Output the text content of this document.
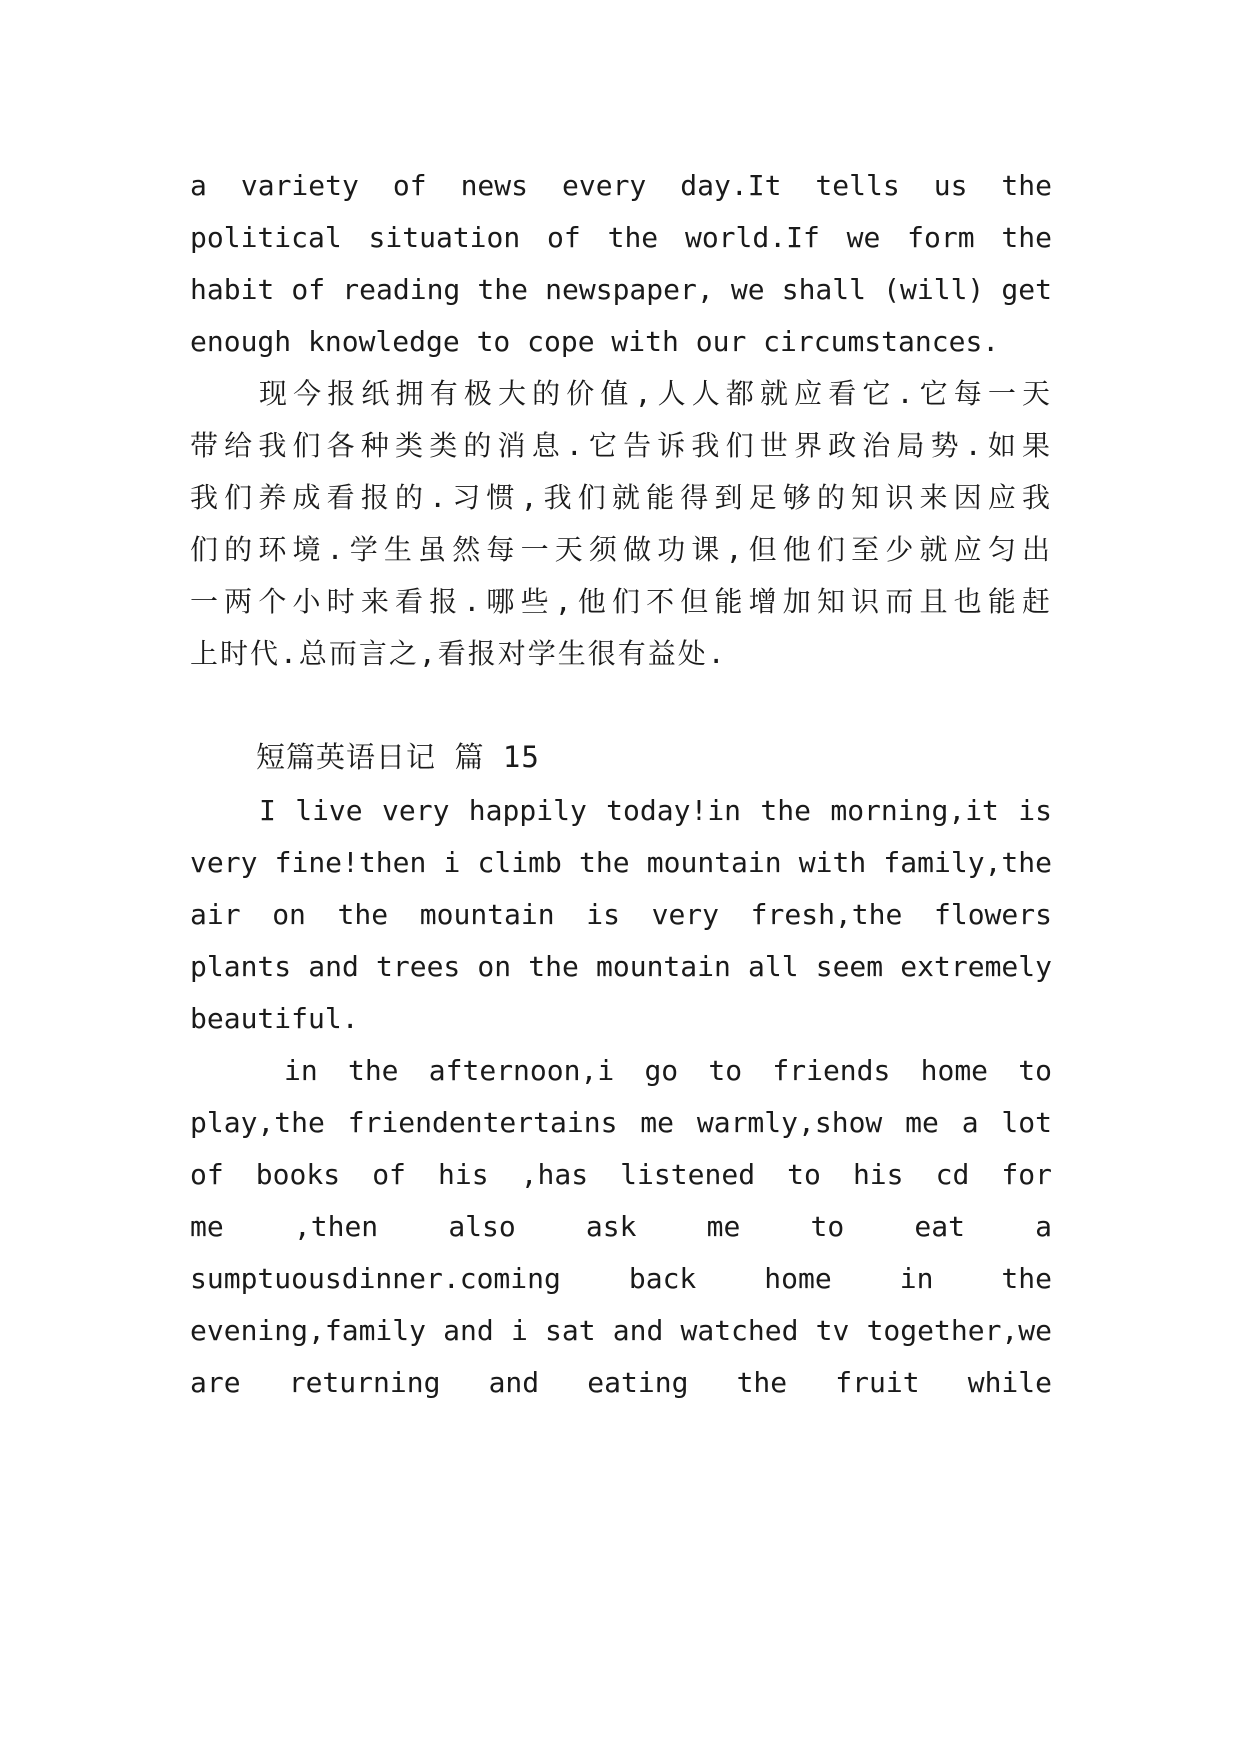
a variety of news every day.It tells us the
political situation of the world.If we form the
habit of reading the newspaper, we shall (will) get
enough knowledge to cope with our circumstances.
现今报纸拥有极大的价值,人人都就应看它.它每一天
带给我们各种类类的消息.它告诉我们世界政治局势.如果
我们养成看报的.习惯,我们就能得到足够的知识来因应我
们的环境.学生虽然每一天须做功课,但他们至少就应匀出
一两个小时来看报.哪些,他们不但能增加知识而且也能赶
上时代.总而言之,看报对学生很有益处.
短篇英语日记 篇 15
I live very happily today!in the morning,it is
very fine!then i climb the mountain with family,the
air on the mountain is very fresh,the flowers
plants and trees on the mountain all seem extremely
beautiful.
in the afternoon,i go to friends home to
play,the friendentertains me warmly,show me a lot
of books of his ,has listened to his cd for
me ,then also ask me to eat a
sumptuousdinner.coming back home in the
evening,family and i sat and watched tv together,we
are returning and eating the fruit while
